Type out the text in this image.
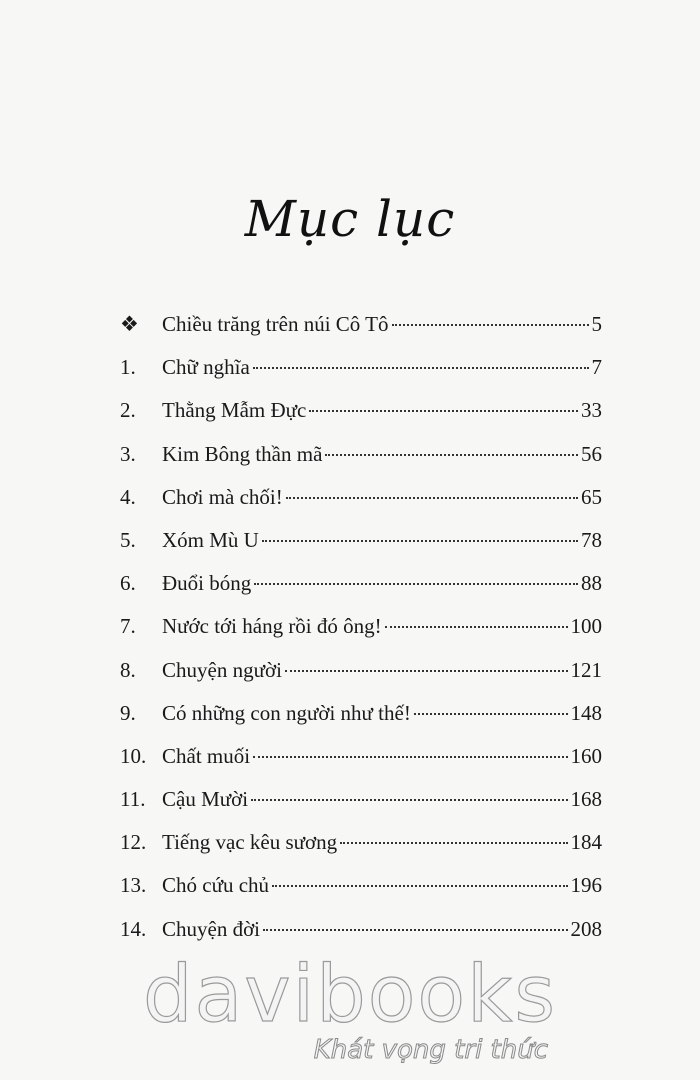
Mục lục
❖	Chiều trăng trên núi Cô Tô	5
1.	Chữ nghĩa	7
2.	Thằng Mẫm Đực	33
3.	Kim Bông thần mã	56
4.	Chơi mà chối!	65
5.	Xóm Mù U	78
6.	Đuổi bóng	88
7.	Nước tới háng rồi đó ông!	100
8.	Chuyện người	121
9.	Có những con người như thế!	148
10. Chất muối	160
11. Cậu Mười	168
12. Tiếng vạc kêu sương	184
13. Chó cứu chủ	196
14. Chuyện đời	208
davibooks
Khát vọng tri thức
